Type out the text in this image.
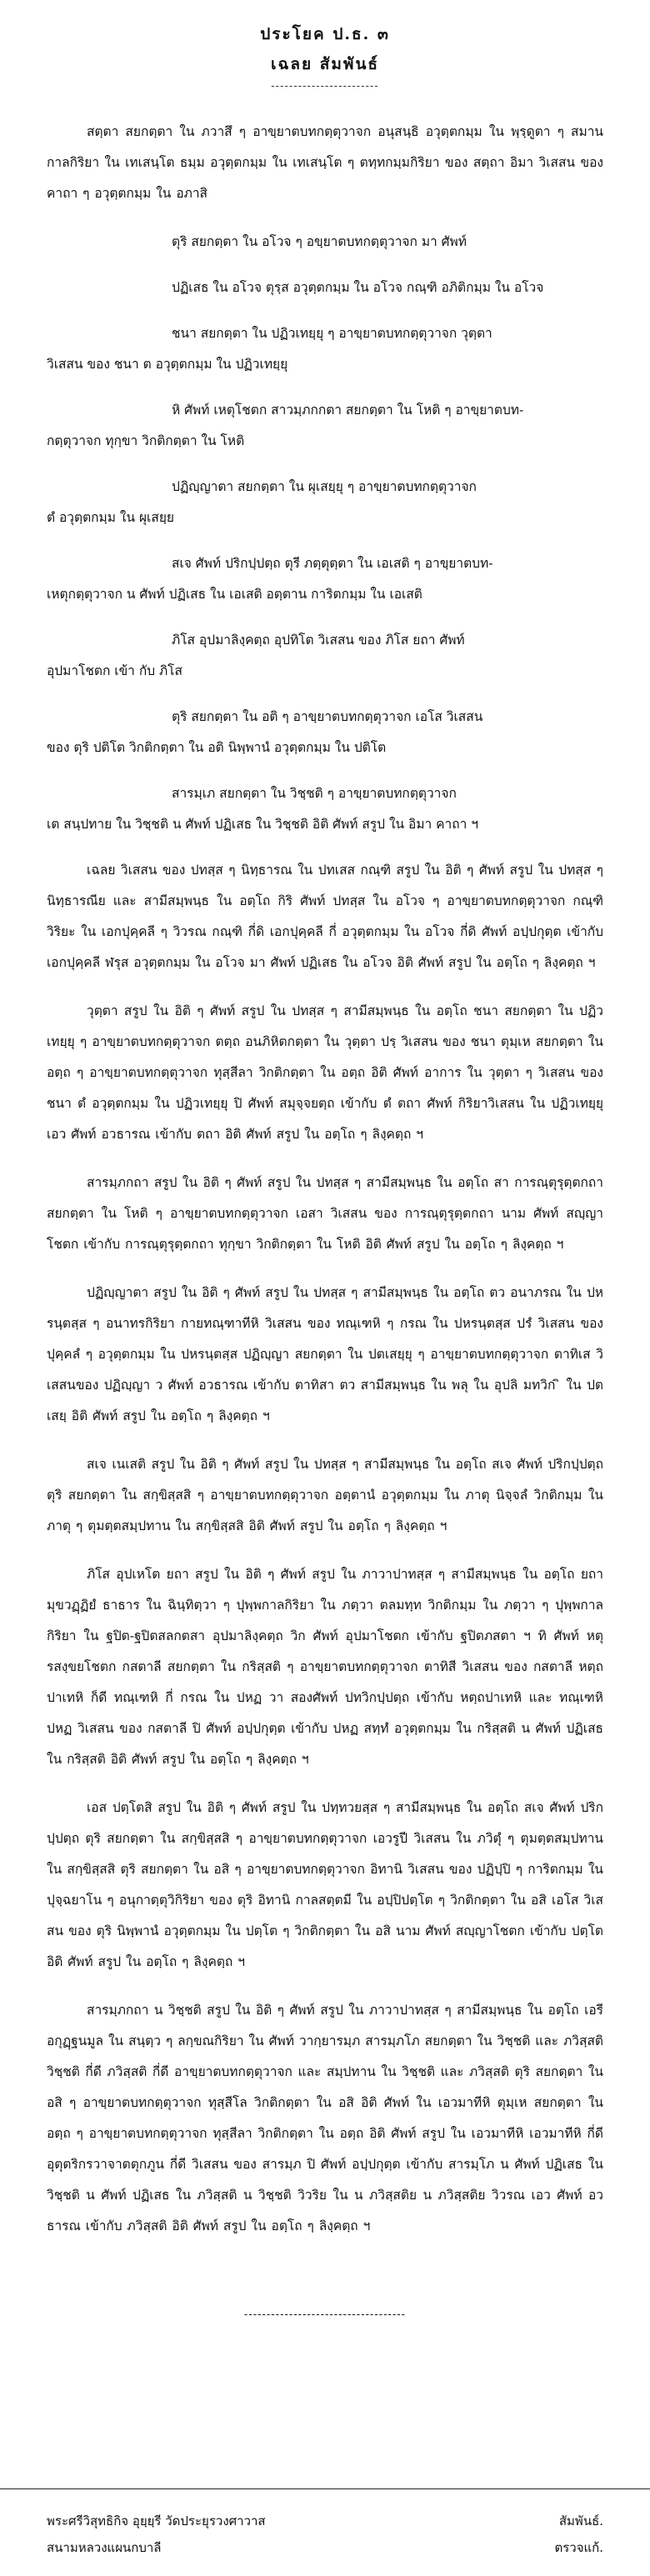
ประโยค ป.ธ. ๓
เฉลย สัมพันธ์
------------------------

สตฺตา สยกตฺตา ใน ภวาสึ ๆ อาขฺยาตบทกตฺตุวาจก อนุสนฺธิ อวุตฺตกมฺม ใน พฺรฺดูตา ๆ สมานกาลกิริยา ใน เทเสนฺโต ธมฺม อวุตฺตกมฺม ใน เทเสนฺโต ๆ ตทฺทกมฺมกิริยา ของ สตฺถา อิมา วิเสสน ของ คาถา ๆ อวุตฺตกมฺม ใน อภาสิ

ตุริ สยกตฺตา ใน อโวจ ๆ อขฺยาตบทกตฺตุวาจก มา ศัพท์

ปฏิเสธ ใน อโวจ ตุรฺส อวุตฺตกมฺม ใน อโวจ กณฺฑิ อภิติกมฺม ใน อโวจ

ชนา สยกตฺตา ใน ปฏิวเทยฺยุ ๆ อาขฺยาตบทกตฺตุวาจก วุตฺตา
วิเสสน ของ ชนา ต อวุตฺตกมฺม ใน ปฏิวเทยฺยุ

หิ ศัพท์ เหตุโชตก สาวมฺภกกตา สยกตฺตา ใน โหติ ๆ อาขฺยาตบท-
กตฺตุวาจก ทุกฺขา วิกติกตฺตา ใน โหติ

ปฏิญฺญาตา สยกตฺตา ใน ผุเสยฺยุ ๆ อาขฺยาตบทกตฺตุวาจก
ตํ อวุตฺตกมฺม ใน ผุเสยฺย

สเจ ศัพท์ ปริกปฺปตฺถ ตุรี ภตฺตุตฺตา ใน เอเสติ ๆ อาขฺยาตบท-
เหตุกตฺตุวาจก น ศัพท์ ปฏิเสธ ใน เอเสติ อตฺตาน การิตกมฺม ใน เอเสติ

ภิโส อุปมาลิงฺคตฺถ อุปทิโต วิเสสน ของ ภิโส ยถา ศัพท์
อุปมาโชตก เข้า กับ ภิโส

ตุริ สยกตฺตา ใน อติ ๆ อาขฺยาตบทกตฺตุวาจก เอโส วิเสสน
ของ ตุริ ปติโต วิกติกตฺตา ใน อติ นิพฺพานํ อวุตฺตกมฺม ใน ปติโต

สารมฺเภ สยกตฺตา ใน วิชฺชติ ๆ อาขฺยาตบทกตฺตุวาจก
เต สนฺปทาย ใน วิชฺชติ น ศัพท์ ปฏิเสธ ใน วิชฺชติ อิติ ศัพท์ สรูป ใน อิมา คาถา ฯ

เฉลย วิเสสน ของ ปทสฺส ๆ นิทฺธารณ ใน ปทเสส กณฺฑิ สรูป ใน อิติ ๆ ศัพท์ สรูป ใน ปทสฺส ๆ นิทฺธารณีย และ สามีสมฺพนฺธ ใน อตฺโถ กิริ ศัพท์ ปทสฺส ใน อโวจ ๆ อาขฺยาตบทกตฺตุวาจก กณฺฑิ วิริยะ ใน เอกปุคฺคลี ๆ วิวรณ กณฺฑิ กี่ดิ เอกปุคฺคลี กี่ อวุตฺตกมฺม ใน อโวจ กี่ดิ ศัพท์ อปฺปกุตฺต เข้ากับ เอกปุคฺคลี ฬรุส อวุตฺตกมฺม ใน อโวจ มา ศัพท์ ปฏิเสธ ใน อโวจ อิติ ศัพท์ สรูป ใน อตฺโถ ๆ ลิงฺคตฺถ ฯ

วุตฺตา สรูป ใน อิติ ๆ ศัพท์ สรูป ใน ปทสฺส ๆ สามีสมฺพนฺธ ใน อตฺโถ ชนา สยกตฺตา ใน ปฏิวเทยฺยุ ๆ อาขฺยาตบทกตฺตุวาจก ตตฺถ อนภิหิตกตฺตา ใน วุตฺตา ปรฺ วิเสสน ของ ชนา ตุมฺเห สยกตฺตา ใน อตฺถ ๆ อาขฺยาตบทกตฺตุวาจก ทุสฺสีลา วิกติกตฺตา ใน อตฺถ อิติ ศัพท์ อาการ ใน วุตฺตา ๆ วิเสสน ของ ชนา ตํ อวุตฺตกมฺม ใน ปฏิวเทยฺยุ ปิ ศัพท์ สมุจฺจยตฺถ เข้ากับ ตํ ตถา ศัพท์ กิริยาวิเสสน ใน ปฏิวเทยฺยุ เอว ศัพท์ อวธารณ เข้ากับ ตถา อิติ ศัพท์ สรูป ใน อตฺโถ ๆ ลิงฺคตฺถ ฯ

สารมฺภกถา สรูป ใน อิติ ๆ ศัพท์ สรูป ใน ปทสฺส ๆ สามีสมฺพนฺธ ใน อตฺโถ สา การณฺตุรุตฺตกถา สยกตฺตา ใน โหติ ๆ อาขฺยาตบทกตฺตุวาจก เอสา วิเสสน ของ การณฺตุรุตฺตกถา นาม ศัพท์ สญฺญาโชตก เข้ากับ การณฺตุรุตฺตกถา ทุกฺขา วิกติกตฺตา ใน โหติ อิติ ศัพท์ สรูป ใน อตฺโถ ๆ ลิงฺคตฺถ ฯ

ปฏิญฺญาตา สรูป ใน อิติ ๆ ศัพท์ สรูป ใน ปทสฺส ๆ สามีสมฺพนฺธ ใน อตฺโถ ตว อนาภรณ ใน ปหรนฺตสฺส ๆ อนาทรกิริยา กายทณฺฑาทีหิ วิเสสน ของ ทณฺเฑหิ ๆ กรณ ใน ปหรนฺตสฺส ปรํ วิเสสน ของ ปุคฺคลํ ๆ อวุตฺตกมฺม ใน ปหรนฺตสฺส ปฏิญฺญา สยกตฺตา ใน ปตเสยฺยุ ๆ อาขฺยาตบทกตฺตุวาจก ตาทิเส วิเสสนของ ปฏิญฺญา ว ศัพท์ อวธารณ เข้ากับ ตาทิสา ตว สามีสมฺพนฺธ ใน พลุ ใน อุปลิ มทวิก ิ ใน ปตเสยฺ อิติ ศัพท์ สรูป ใน อตฺโถ ๆ ลิงฺคตฺถ ฯ

สเจ เนเสติ สรูป ใน อิติ ๆ ศัพท์ สรูป ใน ปทสฺส ๆ สามีสมฺพนฺธ ใน อตฺโถ สเจ ศัพท์ ปริกปฺปตฺถ ตุริ สยกตฺตา ใน สกฺขิสฺสสิ ๆ อาขฺยาตบทกตฺตุวาจก อตฺตานํ อวุตฺตกมฺม ใน ภาตุ นิจฺจลํ วิกติกมฺม ใน ภาตุ ๆ ตุมตฺตสมฺปทาน ใน สกฺขิสฺสสิ อิติ ศัพท์ สรูป ใน อตฺโถ ๆ ลิงฺคตฺถ ฯ

ภิโส อุปเหโต ยถา สรูป ใน อิติ ๆ ศัพท์ สรูป ใน ภาวาปาทสฺส ๆ สามีสมฺพนฺธ ใน อตฺโถ ยถา มุขวฏฺฏิยํ ธาธาร ใน ฉินฺทิตฺวา ๆ ปุพฺพกาลกิริยา ใน ภตฺวา ตลมทฺท วิกติกมฺม ใน ภตฺวา ๆ ปุพฺพกาลกิริยา ใน ฐปิต-ฐปิตสลกตสา อุปมาลิงฺคตฺถ วิก ศัพท์ อุปมาโชตก เข้ากับ ฐปิตภสตา ฯ ทิ ศัพท์ หตุรสงฺขยโชตก กสตาลี สยกตฺตา ใน กริสฺสติ ๆ อาขฺยาตบทกตฺตุวาจก ตาทิสี วิเสสน ของ กสตาลี หตฺถปาเทหิ ก็ดี ทณฺเฑหิ กี่ กรณ ใน ปหฏ วา สองศัพท์ ปทวิกปฺปตฺถ เข้ากับ หตฺถปาเทหิ และ ทณฺเฑหิ ปหฏ วิเสสน ของ กสตาลี ปิ ศัพท์ อปฺปกุตฺต เข้ากับ ปหฏ สทฺทํ อวุตฺตกมฺม ใน กริสฺสติ น ศัพท์ ปฏิเสธ ใน กริสฺสติ อิติ ศัพท์ สรูป ใน อตฺโถ ๆ ลิงฺคตฺถ ฯ

เอส ปตฺโตสิ สรูป ใน อิติ ๆ ศัพท์ สรูป ใน ปทฺทวยสฺส ๆ สามีสมฺพนฺธ ใน อตฺโถ สเจ ศัพท์ ปริกปฺปตฺถ ตุริ สยกตฺตา ใน สกฺขิสฺสสิ ๆ อาขฺยาตบทกตฺตุวาจก เอวรูปี วิเสสน ใน ภวิตุํ ๆ ตุมตฺตสมฺปทาน ใน สกฺขิสฺสสิ ตุริ สยกตฺตา ใน อสิ ๆ อาขฺยาตบทกตฺตุวาจก อิทานิ วิเสสน ของ ปฏิปฺปิ ๆ การิตกมฺม ใน ปุจฺฉยาโน ๆ อนุกาตฺตุวิกิริยา ของ ตุริ อิทานิ กาลสตฺตมี ใน อปฺปิปตฺโต ๆ วิกติกตฺตา ใน อสิ เอโส วิเสสน ของ ตุริ นิพฺพานํ อวุตฺตกมฺม ใน ปตฺโต ๆ วิกติกตฺตา ใน อสิ นาม ศัพท์ สญฺญาโชตก เข้ากับ ปตฺโต อิติ ศัพท์ สรูป ใน อตฺโถ ๆ ลิงฺคตฺถ ฯ

สารมฺภกถา น วิชฺชติ สรูป ใน อิติ ๆ ศัพท์ สรูป ใน ภาวาปาทสฺส ๆ สามีสมฺพนฺธ ใน อตฺโถ เอรี อกุฏฺฐนมูล ใน สนฺตฺว ๆ ลกฺขณกิริยา ใน ศัพท์ วากฺยารมฺภ สารมฺภโภ สยกตฺตา ใน วิชฺชติ และ ภวิสฺสติ วิชฺชติ กี่ดี ภวิสฺสติ กี่ดี อาขฺยาตบทกตฺตุวาจก และ สมฺปทาน ใน วิชฺชติ และ ภวิสฺสติ ตุริ สยกตฺตา ใน อสิ ๆ อาขฺยาตบทกตฺตุวาจก ทุสฺสีโล วิกติกตฺตา ใน อสิ อิติ ศัพท์ ใน เอวมาทีหิ ตุมฺเห สยกตฺตา ใน อตฺถ ๆ อาขฺยาตบทกตฺตุวาจก ทุสฺสีลา วิกติกตฺตา ใน อตฺถ อิติ ศัพท์ สรูป ใน เอวมาทีหิ เอวมาทีหิ กี่ดี อุตุตริกรวาจาตตุกภูน กี่ดี วิเสสน ของ สารมฺภ ปิ ศัพท์ อปฺปกุตฺต เข้ากับ สารมฺโภ น ศัพท์ ปฏิเสธ ใน วิชฺชติ น ศัพท์ ปฏิเสธ ใน ภวิสฺสติ น วิชฺชติ วิวริย ใน น ภวิสฺสติย น ภวิสฺสติย วิวรณ เอว ศัพท์ อวธารณ เข้ากับ ภวิสฺสติ อิติ ศัพท์ สรูป ใน อตฺโถ ๆ ลิงฺคตฺถ ฯ

------------------------------------
พระศรีวิสุทธิกิจ อุยฺยฺรี วัดประยุรวงศาวาส	สัมพันธ์.
สนามหลวงแผนกบาลี	ตรวจแก้.
